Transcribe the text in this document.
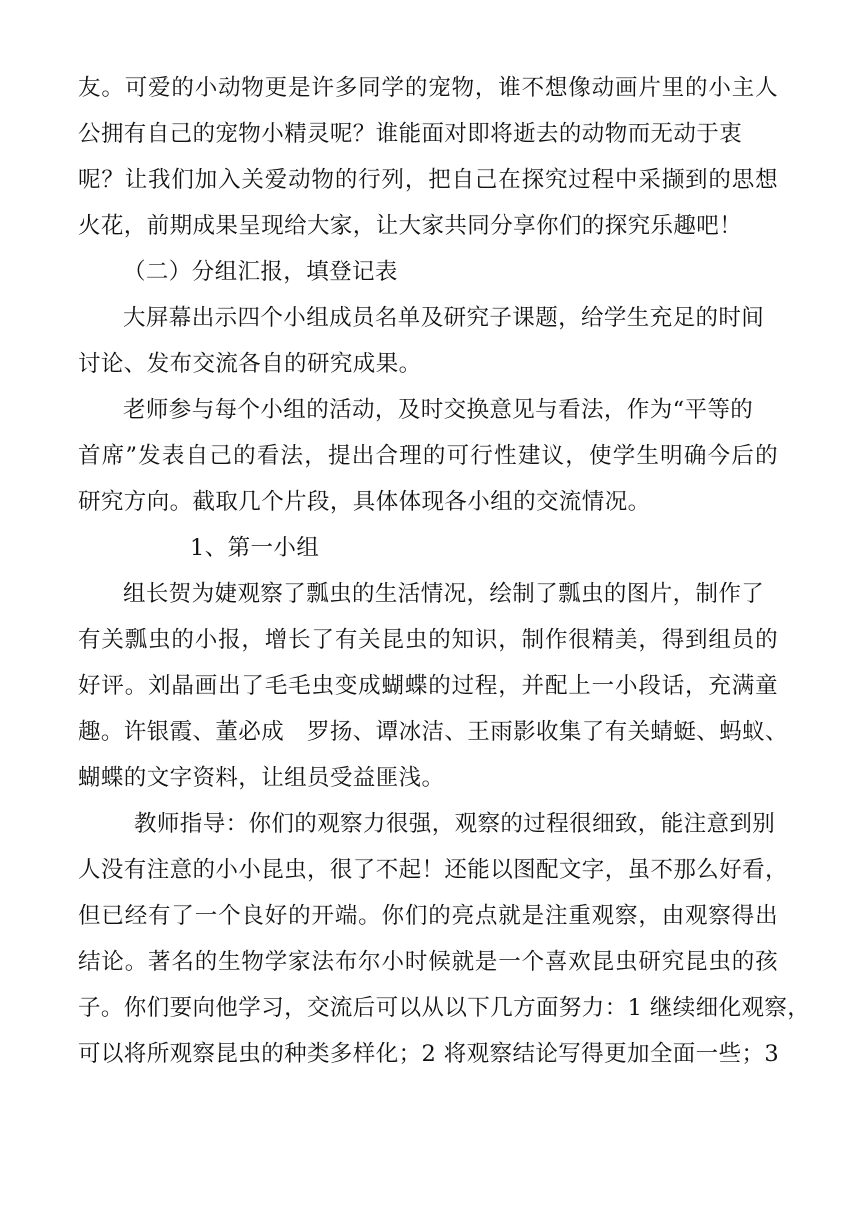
友。可爱的小动物更是许多同学的宠物，谁不想像动画片里的小主人
公拥有自己的宠物小精灵呢？谁能面对即将逝去的动物而无动于衷
呢？让我们加入关爱动物的行列，把自己在探究过程中采撷到的思想
火花，前期成果呈现给大家，让大家共同分享你们的探究乐趣吧！
（二）分组汇报，填登记表
大屏幕出示四个小组成员名单及研究子课题，给学生充足的时间
讨论、发布交流各自的研究成果。
老师参与每个小组的活动，及时交换意见与看法，作为“平等的
首席”发表自己的看法，提出合理的可行性建议，使学生明确今后的
研究方向。截取几个片段，具体体现各小组的交流情况。
1、第一小组
组长贺为婕观察了瓢虫的生活情况，绘制了瓢虫的图片，制作了
有关瓢虫的小报，增长了有关昆虫的知识，制作很精美，得到组员的
好评。刘晶画出了毛毛虫变成蝴蝶的过程，并配上一小段话，充满童
趣。许银霞、董必成　罗扬、谭冰洁、王雨影收集了有关蜻蜓、蚂蚁、
蝴蝶的文字资料，让组员受益匪浅。
教师指导：你们的观察力很强，观察的过程很细致，能注意到别
人没有注意的小小昆虫，很了不起！还能以图配文字，虽不那么好看，
但已经有了一个良好的开端。你们的亮点就是注重观察，由观察得出
结论。著名的生物学家法布尔小时候就是一个喜欢昆虫研究昆虫的孩
子。你们要向他学习，交流后可以从以下几方面努力：1 继续细化观察，
可以将所观察昆虫的种类多样化；2 将观察结论写得更加全面一些；3
